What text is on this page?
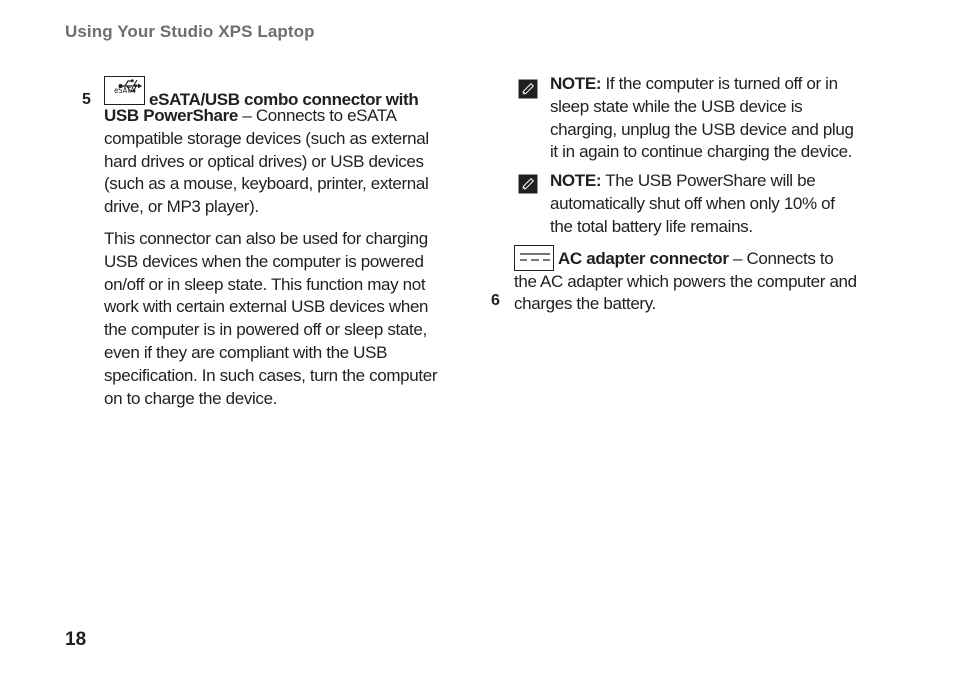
Using Your Studio XPS Laptop
5

eSATA eSATA/USB combo connector with
USB PowerShare – Connects to eSATA compatible storage devices (such as external hard drives or optical drives) or USB devices (such as a mouse, keyboard, printer, external drive, or MP3 player).

This connector can also be used for charging USB devices when the computer is powered on/off or in sleep state. This function may not work with certain external USB devices when the computer is in powered off or sleep state, even if they are compliant with the USB specification. In such cases, turn the computer on to charge the device.

NOTE: If the computer is turned off or in sleep state while the USB device is charging, unplug the USB device and plug it in again to continue charging the device.
NOTE: The USB PowerShare will be automatically shut off when only 10% of the total battery life remains.

AC adapter connector – Connects to the AC adapter which powers the computer and charges the battery.

6
18
